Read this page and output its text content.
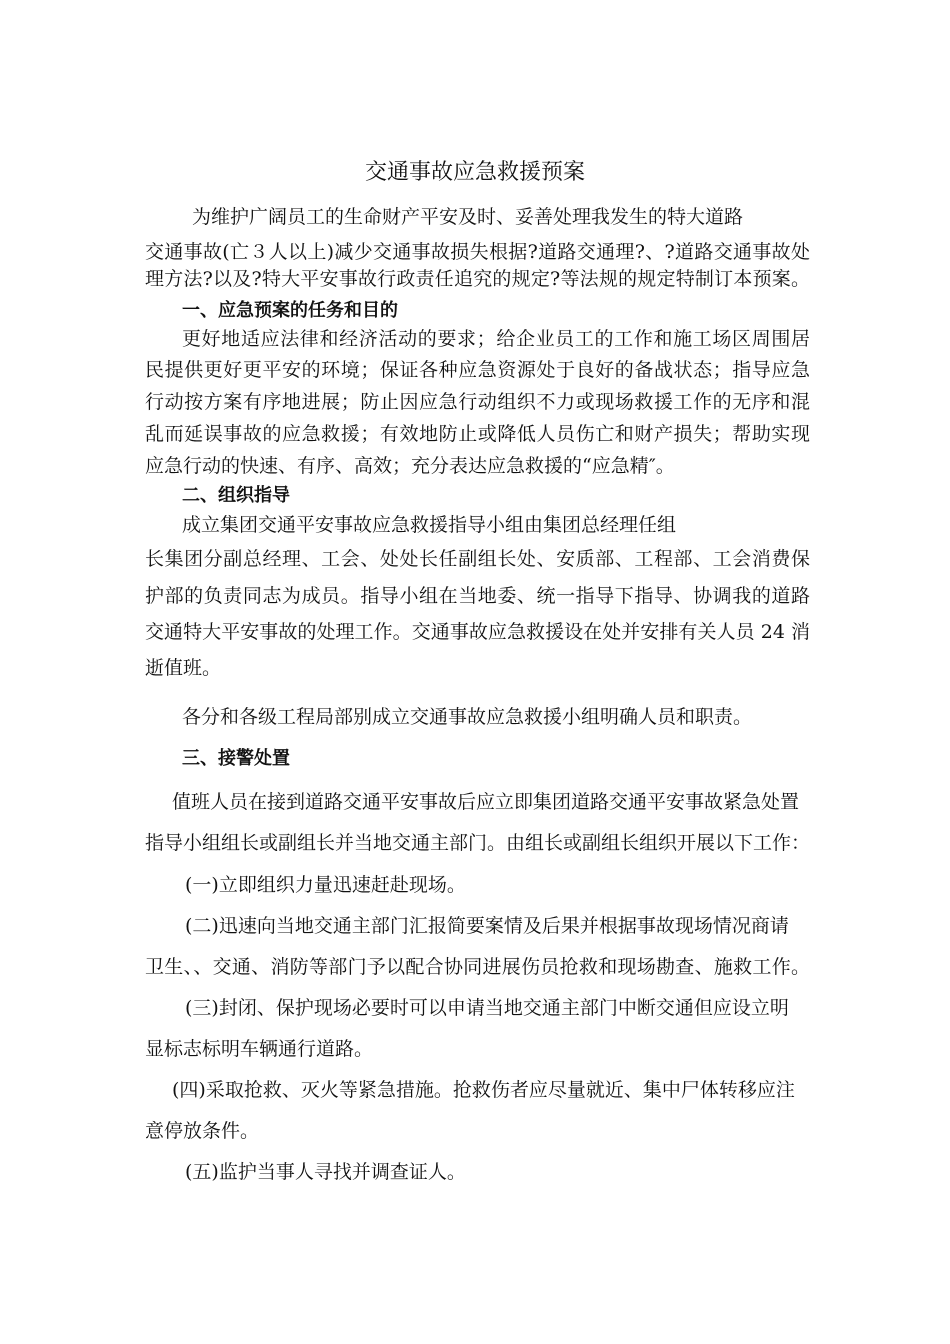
交通事故应急救援预案
为维护广阔员工的生命财产平安及时、妥善处理我发生的特大道路
交通事故(亡３人以上)减少交通事故损失根据?道路交通理?、?道路交通事故处
理方法?以及?特大平安事故行政责任追究的规定?等法规的规定特制订本预案。
一、应急预案的任务和目的
更好地适应法律和经济活动的要求；给企业员工的工作和施工场区周围居
民提供更好更平安的环境；保证各种应急资源处于良好的备战状态；指导应急
行动按方案有序地进展；防止因应急行动组织不力或现场救援工作的无序和混
乱而延误事故的应急救援；有效地防止或降低人员伤亡和财产损失；帮助实现
应急行动的快速、有序、高效；充分表达应急救援的“应急精″。
二、组织指导
成立集团交通平安事故应急救援指导小组由集团总经理任组
长集团分副总经理、工会、处处长任副组长处、安质部、工程部、工会消费保
护部的负责同志为成员。指导小组在当地委、统一指导下指导、协调我的道路
交通特大平安事故的处理工作。交通事故应急救援设在处并安排有关人员 24 消
逝值班。
各分和各级工程局部别成立交通事故应急救援小组明确人员和职责。
三、接警处置
值班人员在接到道路交通平安事故后应立即集团道路交通平安事故紧急处置
指导小组组长或副组长并当地交通主部门。由组长或副组长组织开展以下工作：
(一)立即组织力量迅速赶赴现场。
(二)迅速向当地交通主部门汇报简要案情及后果并根据事故现场情况商请
卫生、、交通、消防等部门予以配合协同进展伤员抢救和现场勘查、施救工作。
(三)封闭、保护现场必要时可以申请当地交通主部门中断交通但应设立明
显标志标明车辆通行道路。
(四)采取抢救、灭火等紧急措施。抢救伤者应尽量就近、集中尸体转移应注
意停放条件。
(五)监护当事人寻找并调查证人。
